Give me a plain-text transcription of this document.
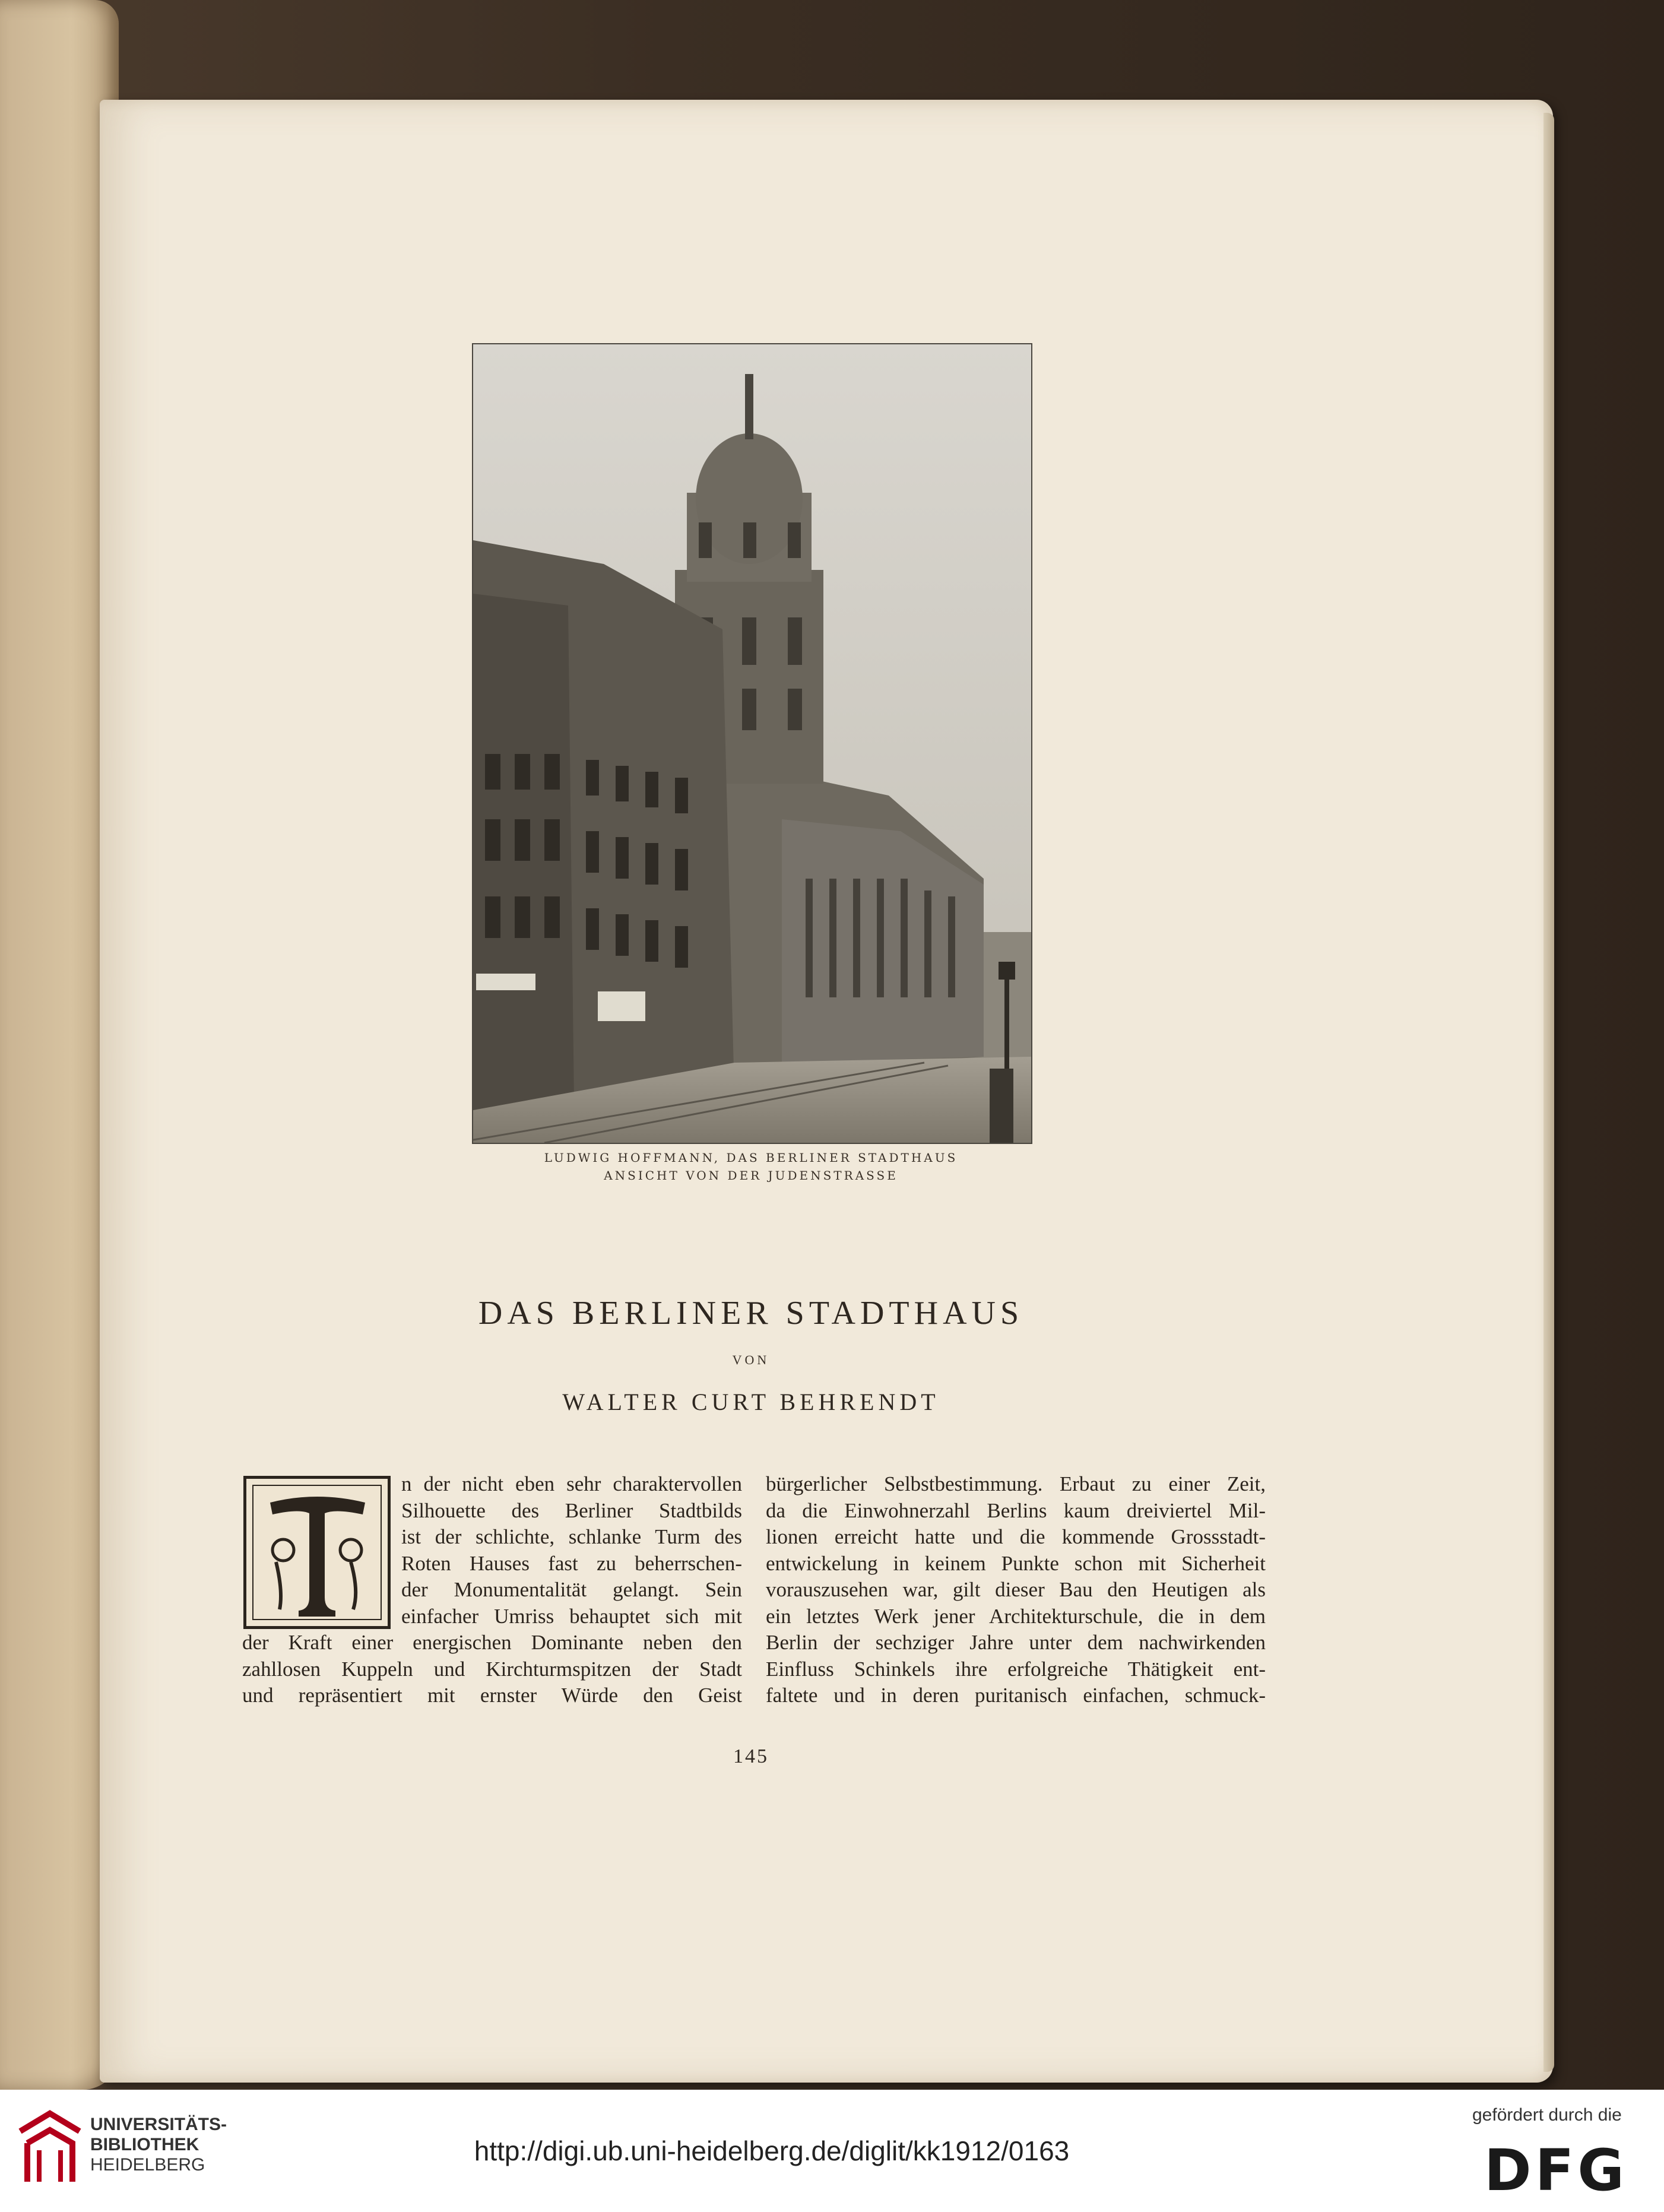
LUDWIG HOFFMANN, DAS BERLINER STADTHAUS
ANSICHT VON DER JUDENSTRASSE
DAS BERLINER STADTHAUS
VON
WALTER CURT BEHRENDT
n der nicht eben sehr charaktervollen
Silhouette des Berliner Stadtbilds
ist der schlichte, schlanke Turm des
Roten Hauses fast zu beherrschen-
der Monumentalität gelangt. Sein
einfacher Umriss behauptet sich mit
der Kraft einer energischen Dominante neben den
zahllosen Kuppeln und Kirchturmspitzen der Stadt
und repräsentiert mit ernster Würde den Geist
bürgerlicher Selbstbestimmung. Erbaut zu einer Zeit,
da die Einwohnerzahl Berlins kaum dreiviertel Mil-
lionen erreicht hatte und die kommende Grossstadt-
entwickelung in keinem Punkte schon mit Sicherheit
vorauszusehen war, gilt dieser Bau den Heutigen als
ein letztes Werk jener Architekturschule, die in dem
Berlin der sechziger Jahre unter dem nachwirkenden
Einfluss Schinkels ihre erfolgreiche Thätigkeit ent-
faltete und in deren puritanisch einfachen, schmuck-
145
UNIVERSITÄTS-
BIBLIOTHEK
HEIDELBERG	http://digi.ub.uni-heidelberg.de/diglit/kk1912/0163
gefördert durch die
DFG
